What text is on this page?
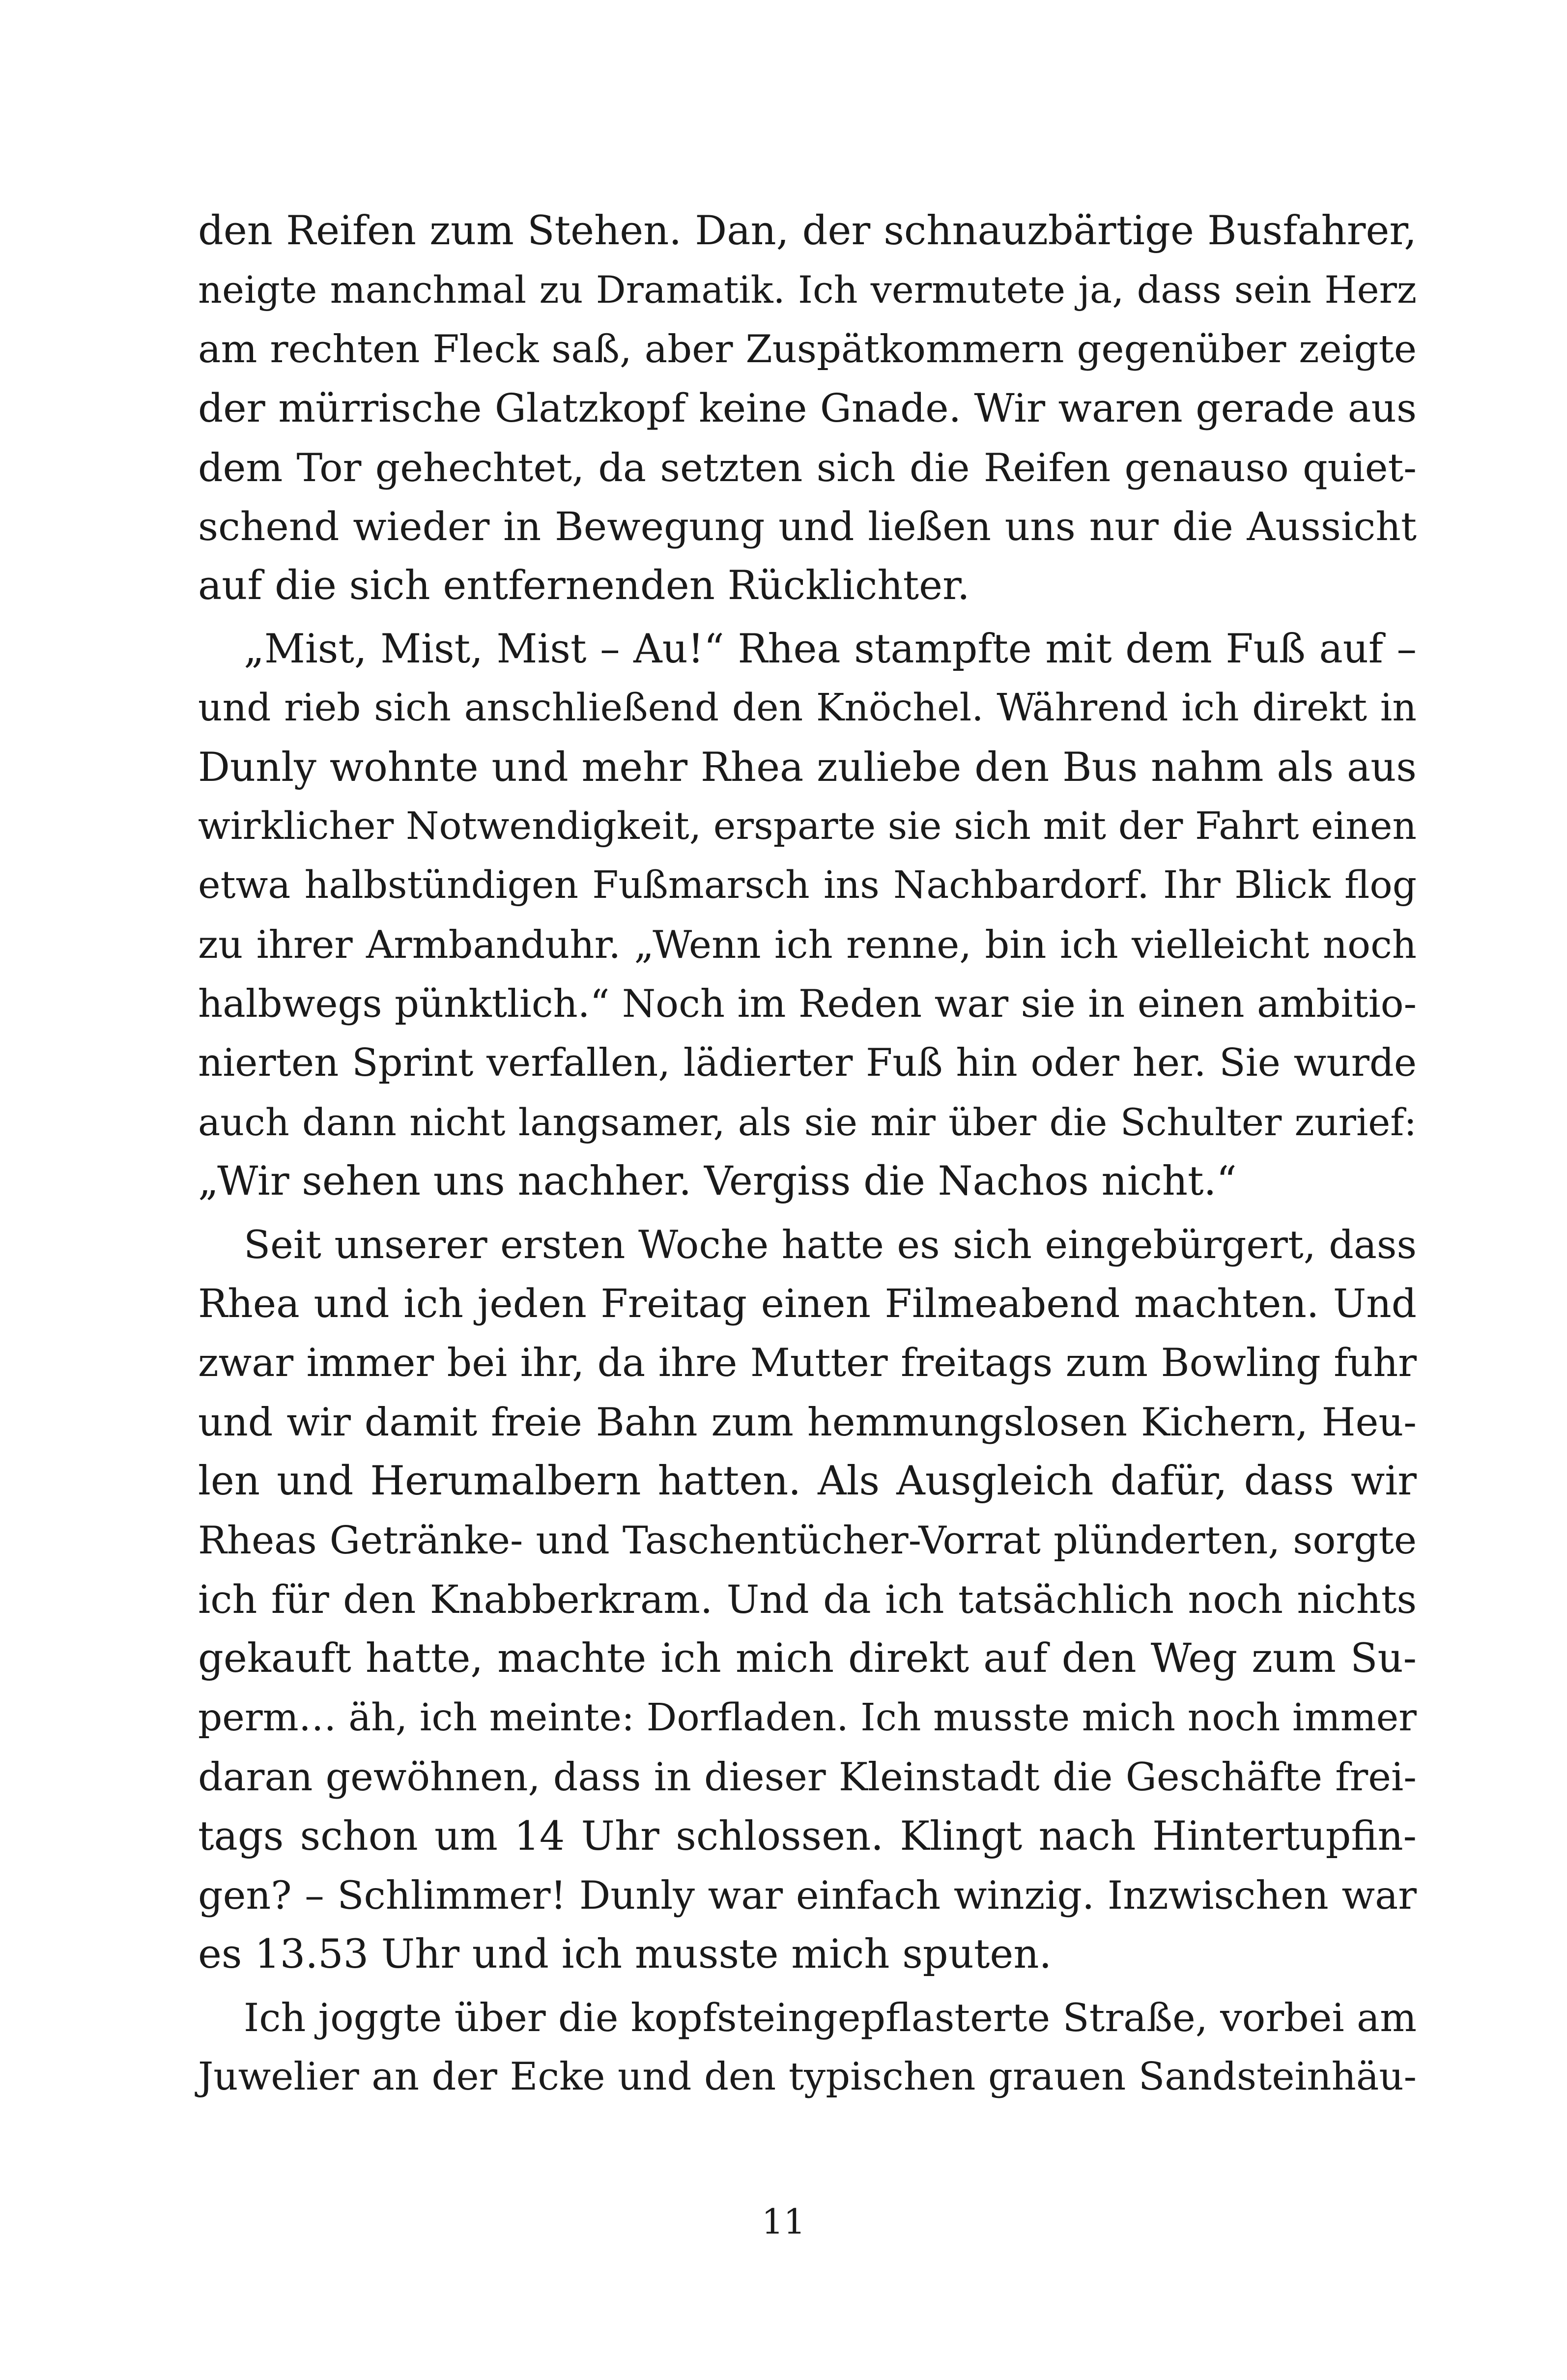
den Reifen zum Stehen. Dan, der schnauzbärtige Busfahrer,
neigte manchmal zu Dramatik. Ich vermutete ja, dass sein Herz
am rechten Fleck saß, aber Zuspätkommern gegenüber zeigte
der mürrische Glatzkopf keine Gnade. Wir waren gerade aus
dem Tor gehechtet, da setzten sich die Reifen genauso quiet-
schend wieder in Bewegung und ließen uns nur die Aussicht
auf die sich entfernenden Rücklichter.
„Mist, Mist, Mist – Au!“ Rhea stampfte mit dem Fuß auf –
und rieb sich anschließend den Knöchel. Während ich direkt in
Dunly wohnte und mehr Rhea zuliebe den Bus nahm als aus
wirklicher Notwendigkeit, ersparte sie sich mit der Fahrt einen
etwa halbstündigen Fußmarsch ins Nachbardorf. Ihr Blick flog
zu ihrer Armbanduhr. „Wenn ich renne, bin ich vielleicht noch
halbwegs pünktlich.“ Noch im Reden war sie in einen ambitio-
nierten Sprint verfallen, lädierter Fuß hin oder her. Sie wurde
auch dann nicht langsamer, als sie mir über die Schulter zurief:
„Wir sehen uns nachher. Vergiss die Nachos nicht.“
Seit unserer ersten Woche hatte es sich eingebürgert, dass
Rhea und ich jeden Freitag einen Filmeabend machten. Und
zwar immer bei ihr, da ihre Mutter freitags zum Bowling fuhr
und wir damit freie Bahn zum hemmungslosen Kichern, Heu-
len und Herumalbern hatten. Als Ausgleich dafür, dass wir
Rheas Getränke- und Taschentücher-Vorrat plünderten, sorgte
ich für den Knabberkram. Und da ich tatsächlich noch nichts
gekauft hatte, machte ich mich direkt auf den Weg zum Su-
perm… äh, ich meinte: Dorfladen. Ich musste mich noch immer
daran gewöhnen, dass in dieser Kleinstadt die Geschäfte frei-
tags schon um 14 Uhr schlossen. Klingt nach Hintertupfin-
gen? – Schlimmer! Dunly war einfach winzig. Inzwischen war
es 13.53 Uhr und ich musste mich sputen.
Ich joggte über die kopfsteingepflasterte Straße, vorbei am
Juwelier an der Ecke und den typischen grauen Sandsteinhäu-
11
